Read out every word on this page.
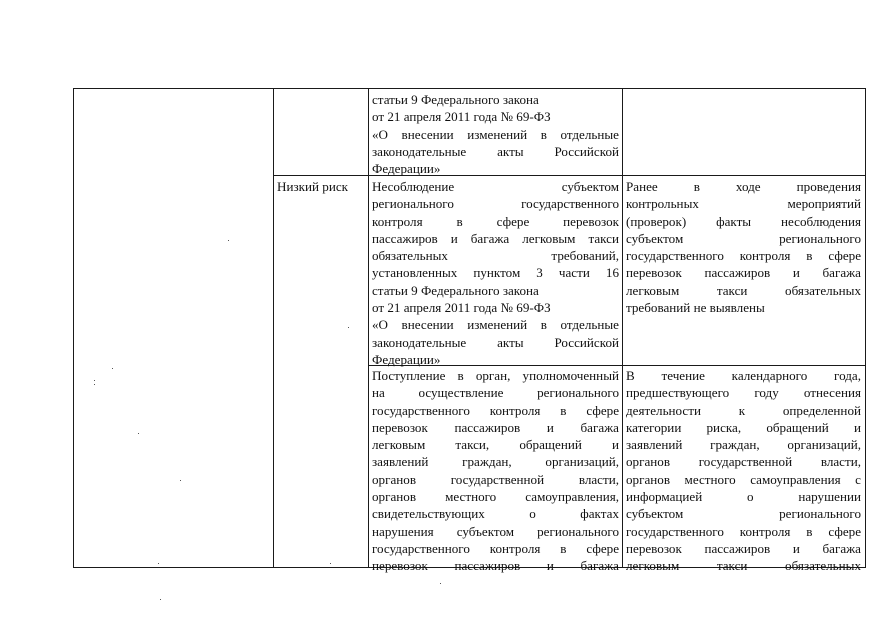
статьи 9 Федерального закона
от 21 апреля 2011 года № 69-ФЗ
«О внесении изменений в отдельные
законодательные акты Российской
Федерации»
Низкий риск	Несоблюдение субъектом
регионального государственного
контроля в сфере перевозок
пассажиров и багажа легковым такси
обязательных требований,
установленных пунктом 3 части 16
статьи 9 Федерального закона
от 21 апреля 2011 года № 69-ФЗ
«О внесении изменений в отдельные
законодательные акты Российской
Федерации»
Ранее в ходе проведения
контрольных мероприятий
(проверок) факты несоблюдения
субъектом регионального
государственного контроля в сфере
перевозок пассажиров и багажа
легковым такси обязательных
требований не выявлены
Поступление в орган, уполномоченный
на осуществление регионального
государственного контроля в сфере
перевозок пассажиров и багажа
легковым такси, обращений и
заявлений граждан, организаций,
органов государственной власти,
органов местного самоуправления,
свидетельствующих о фактах
нарушения субъектом регионального
государственного контроля в сфере
перевозок пассажиров и багажа
В течение календарного года,
предшествующего году отнесения
деятельности к определенной
категории риска, обращений и
заявлений граждан, организаций,
органов государственной власти,
органов местного самоуправления с
информацией о нарушении
субъектом регионального
государственного контроля в сфере
перевозок пассажиров и багажа
легковым такси обязательных
